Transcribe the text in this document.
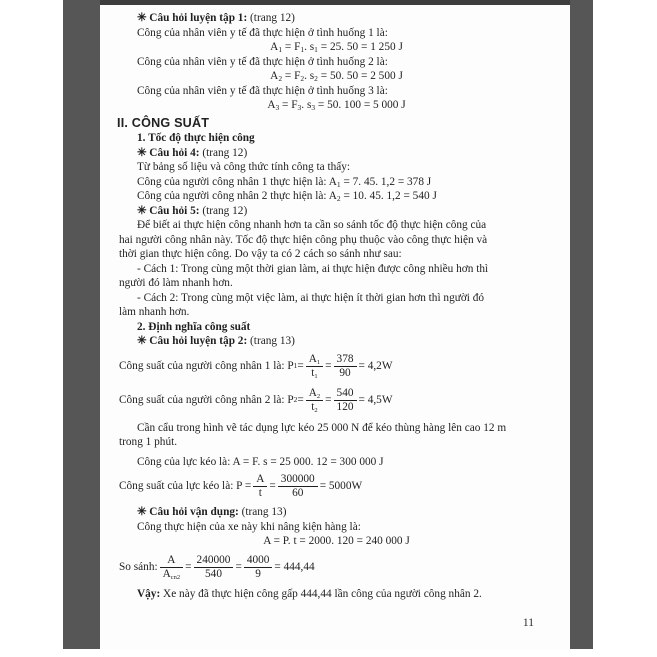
✳ Câu hỏi luyện tập 1: (trang 12)
Công của nhân viên y tế đã thực hiện ở tình huống 1 là:
$A_1 = F_1$. $s_1 = 25$. 50 = 1 250 J
Công của nhân viên y tế đã thực hiện ở tình huống 2 là:
$A_2 = F_2$. $s_2 = 50$. 50 = 2 500 J
Công của nhân viên y tế đã thực hiện ở tình huống 3 là:
$A_3 = F_3$. $s_3 = 50$. 100 = 5 000 J
II. CÔNG SUẤT
1. Tốc độ thực hiện công
✳ Câu hỏi 4: (trang 12)
Từ bảng số liệu và công thức tính công ta thấy:
Công của người công nhân 1 thực hiện là: $A_1 = 7$. 45. 1,2 = 378 J
Công của người công nhân 2 thực hiện là: $A_2 = 10$. 45. 1,2 = 540 J
✳ Câu hỏi 5: (trang 12)
Để biết ai thực hiện công nhanh hơn ta cần so sánh tốc độ thực hiện công của
hai người công nhân này. Tốc độ thực hiện công phụ thuộc vào công thực hiện và
thời gian thực hiện công. Do vậy ta có 2 cách so sánh như sau:
- Cách 1: Trong cùng một thời gian làm, ai thực hiện được công nhiều hơn thì
người đó làm nhanh hơn.
- Cách 2: Trong cùng một việc làm, ai thực hiện ít thời gian hơn thì người đó
làm nhanh hơn.
2. Định nghĩa công suất
✳ Câu hỏi luyện tập 2: (trang 13)
Công suất của người công nhân 1 là: P $1 = \frac{A_1}{t_1} = \frac{378}{90} = 4,2W$
Công suất của người công nhân 2 là: P $2 = \frac{A_2}{t_2} = \frac{540}{120} = 4,5W$
Cần cẩu trong hình vẽ tác dụng lực kéo 25 000 N để kéo thùng hàng lên cao 12 m
trong 1 phút.
Công của lực kéo là: A = F. s = 25 000. 12 = 300 000 J
Công suất của lực kéo là: $P = \frac{A}{t} = \frac{300000}{60} = 5000W$
✳ Câu hỏi vận dụng: (trang 13)
Công thực hiện của xe này khi nâng kiện hàng là:
A = P. t = 2000. 120 = 240 000 J
So sánh: $\frac{A}{A_{cn2}} = \frac{240000}{540} = \frac{4000}{9} = 444,44$
Vậy: Xe này đã thực hiện công gấp 444,44 lần công của người công nhân 2.
11
